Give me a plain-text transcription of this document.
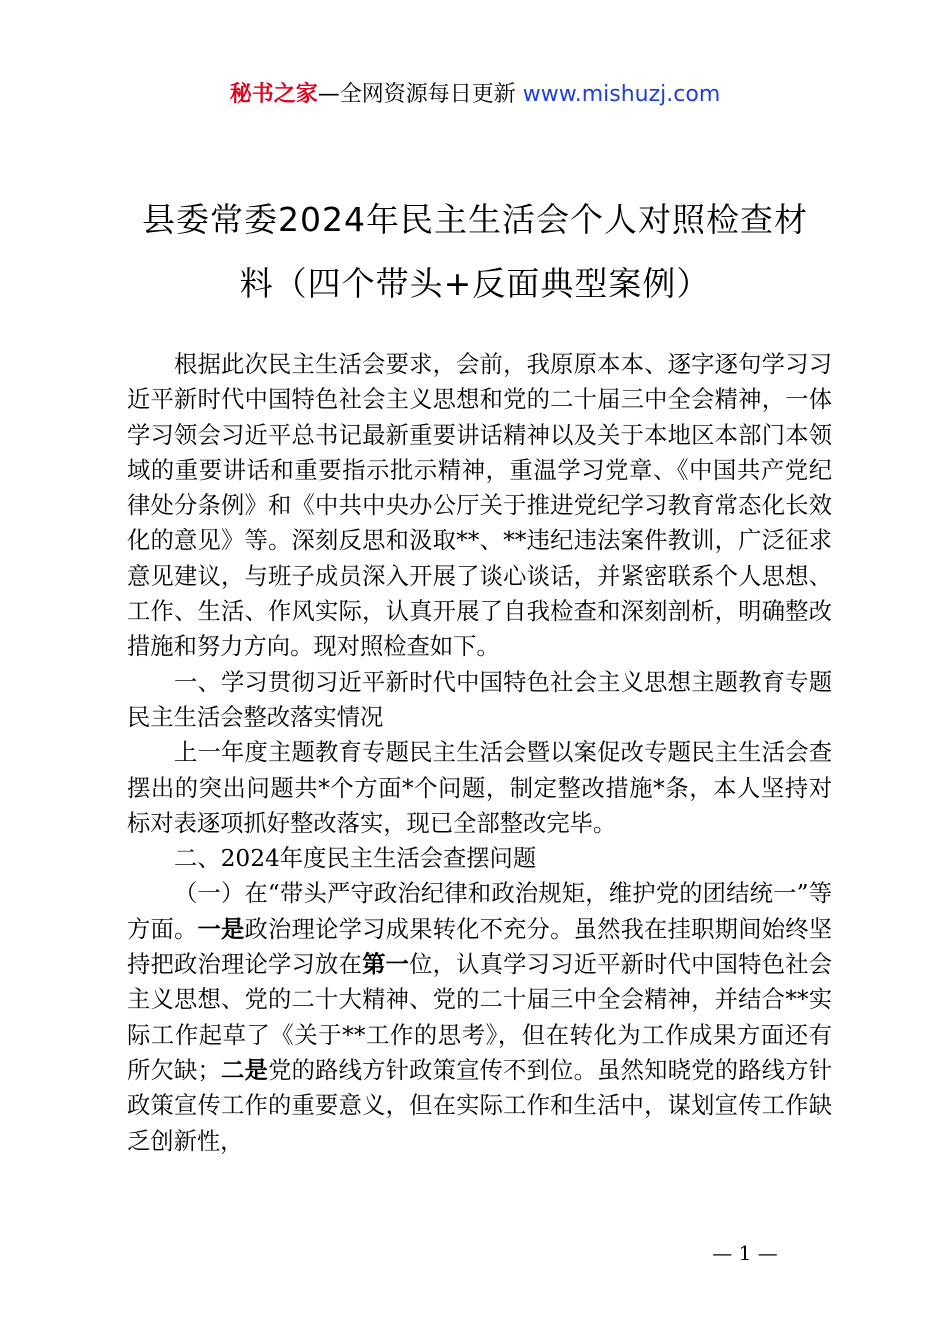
秘书之家—全网资源每日更新 www.mishuzj.com
县委常委2024年民主生活会个人对照检查材
料（四个带头+反面典型案例）

根据此次民主生活会要求，会前，我原原本本、逐字逐句学习习近平新时代中国特色社会主义思想和党的二十届三中全会精神，一体学习领会习近平总书记最新重要讲话精神以及关于本地区本部门本领域的重要讲话和重要指示批示精神，重温学习党章、《中国共产党纪律处分条例》和《中共中央办公厅关于推进党纪学习教育常态化长效化的意见》等。深刻反思和汲取**、**违纪违法案件教训，广泛征求意见建议，与班子成员深入开展了谈心谈话，并紧密联系个人思想、工作、生活、作风实际，认真开展了自我检查和深刻剖析，明确整改措施和努力方向。现对照检查如下。

一、学习贯彻习近平新时代中国特色社会主义思想主题教育专题民主生活会整改落实情况

上一年度主题教育专题民主生活会暨以案促改专题民主生活会查摆出的突出问题共*个方面*个问题，制定整改措施*条，本人坚持对标对表逐项抓好整改落实，现已全部整改完毕。

二、2024年度民主生活会查摆问题

（一）在“带头严守政治纪律和政治规矩，维护党的团结统一”等方面。一是政治理论学习成果转化不充分。虽然我在挂职期间始终坚持把政治理论学习放在第一位，认真学习习近平新时代中国特色社会主义思想、党的二十大精神、党的二十届三中全会精神，并结合**实际工作起草了《关于**工作的思考》，但在转化为工作成果方面还有所欠缺；二是党的路线方针政策宣传不到位。虽然知晓党的路线方针政策宣传工作的重要意义，但在实际工作和生活中，谋划宣传工作缺乏创新性，

— 1 —
